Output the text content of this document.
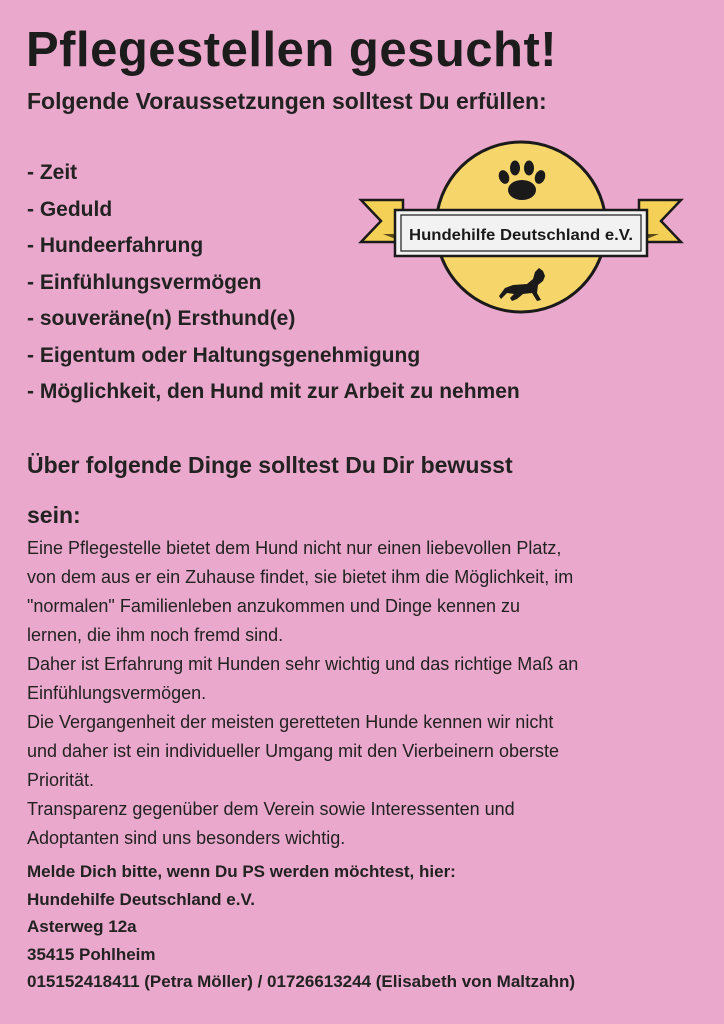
Pflegestellen gesucht!
Folgende Voraussetzungen solltest Du erfüllen:
- Zeit
- Geduld
- Hundeerfahrung
- Einfühlungsvermögen
- souveräne(n) Ersthund(e)
- Eigentum oder Haltungsgenehmigung
- Möglichkeit, den Hund mit zur Arbeit zu nehmen
Hundehilfe Deutschland e.V.
Über folgende Dinge solltest Du Dir bewusst
sein:

Eine Pflegestelle bietet dem Hund nicht nur einen liebevollen Platz,

von dem aus er ein Zuhause findet, sie bietet ihm die Möglichkeit, im

"normalen" Familienleben anzukommen und Dinge kennen zu

lernen, die ihm noch fremd sind.

Daher ist Erfahrung mit Hunden sehr wichtig und das richtige Maß an

Einfühlungsvermögen.

Die Vergangenheit der meisten geretteten Hunde kennen wir nicht

und daher ist ein individueller Umgang mit den Vierbeinern oberste

Priorität.

Transparenz gegenüber dem Verein sowie Interessenten und

Adoptanten sind uns besonders wichtig.

Melde Dich bitte, wenn Du PS werden möchtest, hier:
Hundehilfe Deutschland e.V.
Asterweg 12a
35415 Pohlheim
015152418411 (Petra Möller) / 01726613244 (Elisabeth von Maltzahn)
